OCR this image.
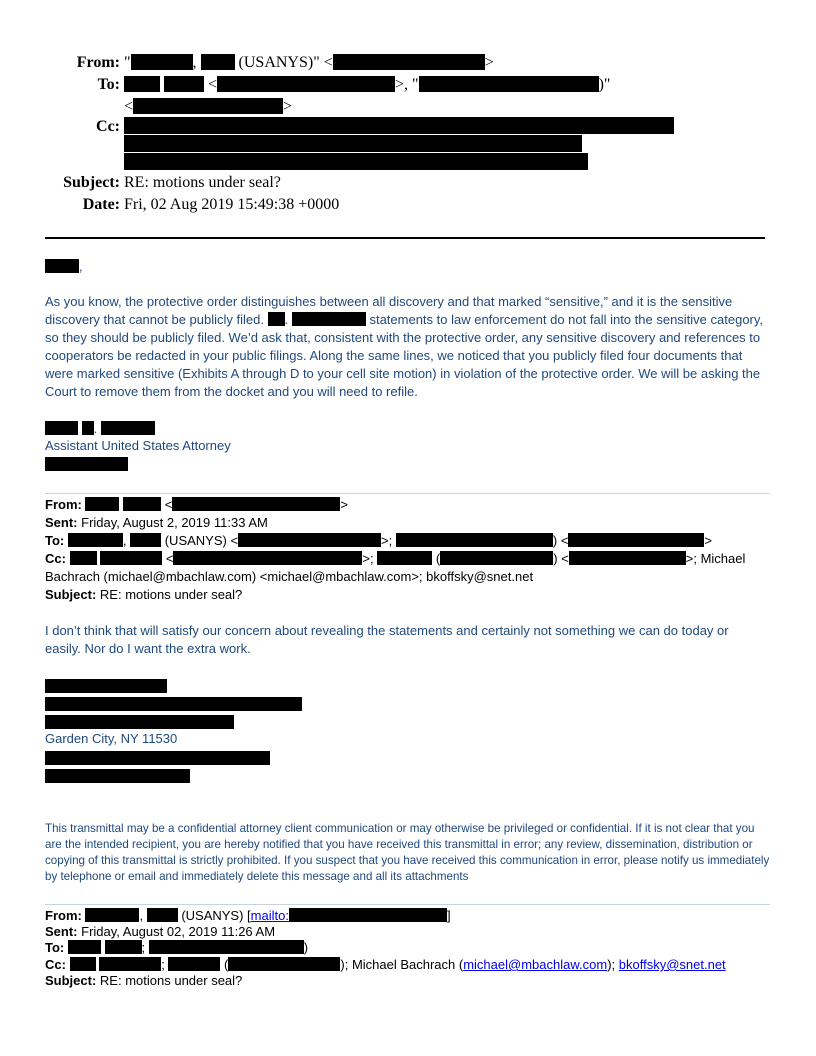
From: "	,  (USANYS)" <	>
To:	<	>, "	)"
<	>
Cc:
Subject: RE: motions under seal?
Date: Fri, 02 Aug 2019 15:49:38 +0000
,
As you know, the protective order distinguishes between all discovery and that marked “sensitive,” and it is the sensitive discovery that cannot be publicly filed. .	statements to law enforcement do not fall into the sensitive category, so they should be publicly filed. We’d ask that, consistent with the protective order, any sensitive discovery and references to cooperators be redacted in your public filings. Along the same lines, we noticed that you publicly filed four documents that were marked sensitive (Exhibits A through D to your cell site motion) in violation of the protective order. We will be asking the Court to remove them from the docket and you will need to refile.
.
Assistant United States Attorney
From:	<	>
Sent: Friday, August 2, 2019 11:33 AM
To:	,  (USANYS) <	>;	) <	>
Cc:	<	>;	(	) <	>; Michael
Bachrach (michael@mbachlaw.com) <michael@mbachlaw.com>; bkoffsky@snet.net
Subject: RE: motions under seal?
I don’t think that will satisfy our concern about revealing the statements and certainly not something we can do today or easily. Nor do I want the extra work.
Garden City, NY 11530
This transmittal may be a confidential attorney client communication or may otherwise be privileged or confidential. If it is not clear that you are the intended recipient, you are hereby notified that you have received this transmittal in error; any review, dissemination, distribution or copying of this transmittal is strictly prohibited. If you suspect that you have received this communication in error, please notify us immediately by telephone or email and immediately delete this message and all its attachments
From:	,  (USANYS) [mailto:	]
Sent: Friday, August 02, 2019 11:26 AM
To:	;	)
Cc:	;	(	); Michael Bachrach (michael@mbachlaw.com); bkoffsky@snet.net
Subject: RE: motions under seal?
